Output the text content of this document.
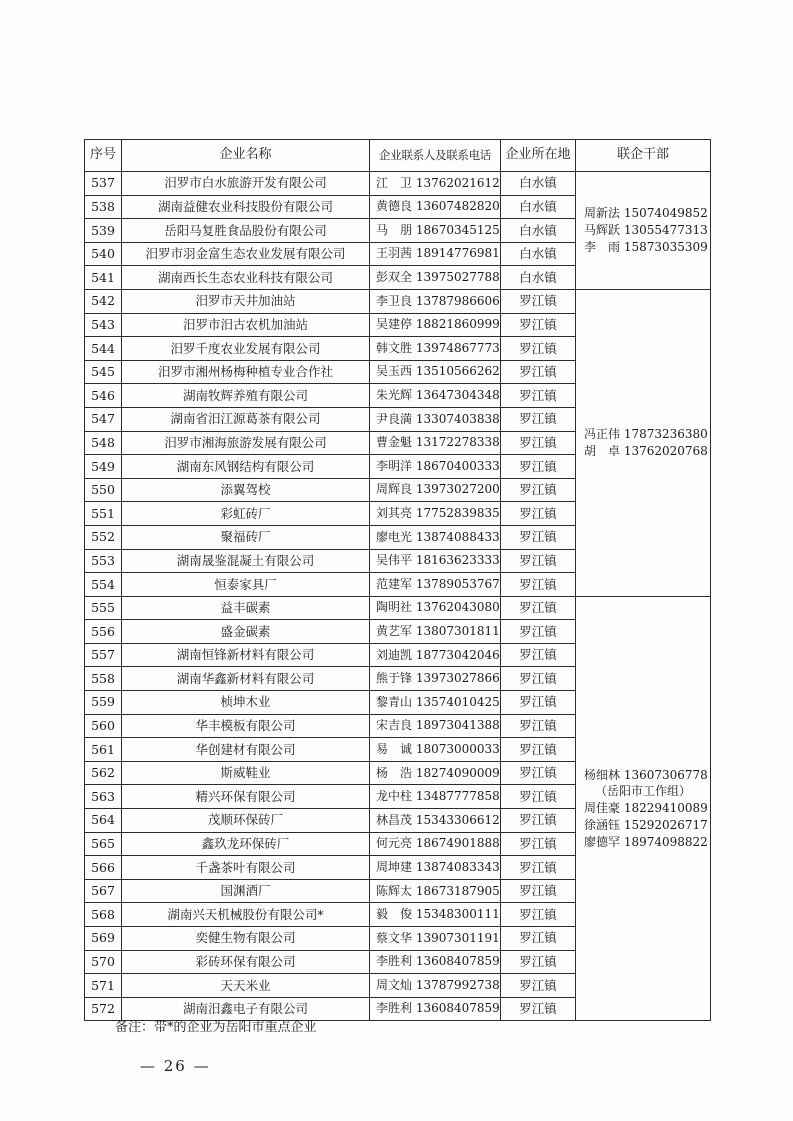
序号	企业名称	企业联系人及联系电话	企业所在地	联企干部
537	汨罗市白水旅游开发有限公司	江　卫 13762021612	白水镇	周新法 15074049852
马辉跃 13055477313
李　雨 15873035309

538	湖南益健农业科技股份有限公司	黄德良 13607482820	白水镇	
539	岳阳马复胜食品股份有限公司	马　朋 18670345125	白水镇	
540	汨罗市羽金富生态农业发展有限公司	王羽茜 18914776981	白水镇	
541	湖南西长生态农业科技有限公司	彭双全 13975027788	白水镇	
542	汨罗市天井加油站	李卫良 13787986606	罗江镇	冯正伟 17873236380
胡　卓 13762020768

543	汨罗市汨古农机加油站	吴建停 18821860999	罗江镇	
544	汨罗千度农业发展有限公司	韩文胜 13974867773	罗江镇	
545	汨罗市湘州杨梅种植专业合作社	吴玉西 13510566262	罗江镇	
546	湖南牧辉养殖有限公司	朱光辉 13647304348	罗江镇	
547	湖南省汨江源葛茶有限公司	尹良満 13307403838	罗江镇	
548	汨罗市湘海旅游发展有限公司	曹金魁 13172278338	罗江镇	
549	湖南东风钢结构有限公司	李明洋 18670400333	罗江镇	
550	添翼驾校	周辉良 13973027200	罗江镇	
551	彩虹砖厂	刘其亮 17752839835	罗江镇	
552	聚福砖厂	廖电光 13874088433	罗江镇	
553	湖南晟鉴混凝土有限公司	吴伟平 18163623333	罗江镇	
554	恒泰家具厂	范建军 13789053767	罗江镇	
555	益丰碳素	陶明社 13762043080	罗江镇	杨细林 13607306778
（岳阳市工作组）
周佳豪 18229410089
徐涵钰 15292026717
廖德罕 18974098822

556	盛金碳素	黄艺军 13807301811	罗江镇	
557	湖南恒锋新材料有限公司	刘迪凯 18773042046	罗江镇	
558	湖南华鑫新材料有限公司	熊于锋 13973027866	罗江镇	
559	桢坤木业	黎青山 13574010425	罗江镇	
560	华丰模板有限公司	宋吉良 18973041388	罗江镇	
561	华创建材有限公司	易　诚 18073000033	罗江镇	
562	斯威鞋业	杨　浩 18274090009	罗江镇	
563	精兴环保有限公司	龙中柱 13487777858	罗江镇	
564	茂顺环保砖厂	林昌茂 15343306612	罗江镇	
565	鑫玖龙环保砖厂	何元亮 18674901888	罗江镇	
566	千盏茶叶有限公司	周坤建 13874083343	罗江镇	
567	国渊酒厂	陈辉太 18673187905	罗江镇	
568	湖南兴天机械股份有限公司*	毅　俊 15348300111	罗江镇	
569	奕健生物有限公司	蔡文华 13907301191	罗江镇	
570	彩砖环保有限公司	李胜利 13608407859	罗江镇	
571	天天米业	周文灿 13787992738	罗江镇	
572	湖南汨鑫电子有限公司	李胜利 13608407859	罗江镇	
备注：带*的企业为岳阳市重点企业
— 26 —
